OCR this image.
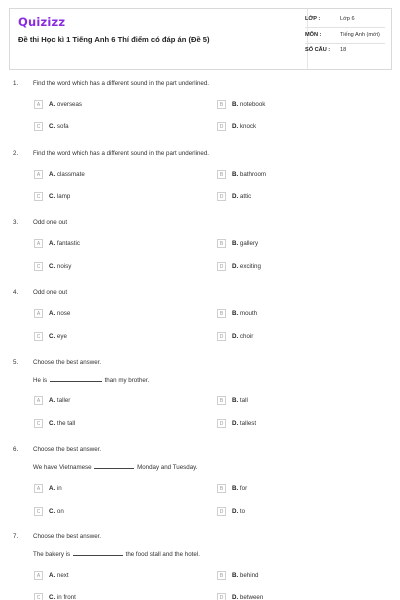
Quizizz
Đề thi Học kì 1 Tiếng Anh 6 Thí điểm có đáp án (Đề 5)
LỚP :	Lớp 6
MÔN :	Tiếng Anh (mới)
SỐ CÂU : 18
1. Find the word which has a different sound in the part underlined.
A	A. overseas	B	B. notebook
C	C. sofa	D	D. knock
2. Find the word which has a different sound in the part underlined.
A	A. classmate	B	B. bathroom
C	C. lamp	D	D. attic
3. Odd one out
A	A. fantastic	B	B. gallery
C	C. noisy	D	D. exciting
4. Odd one out
A	A. nose	B	B. mouth
C	C. eye	D	D. choir
5. Choose the best answer.
He is	than my brother.
A	A. taller	B	B. tall
C	C. the tall	D	D. tallest
6. Choose the best answer.
We have Vietnamese	Monday and Tuesday.
A	A. in	B	B. for
C	C. on	D	D. to
7. Choose the best answer.
The bakery is	the food stall and the hotel.
A	A. next	B	B. behind
C	C. in front	D	D. between
